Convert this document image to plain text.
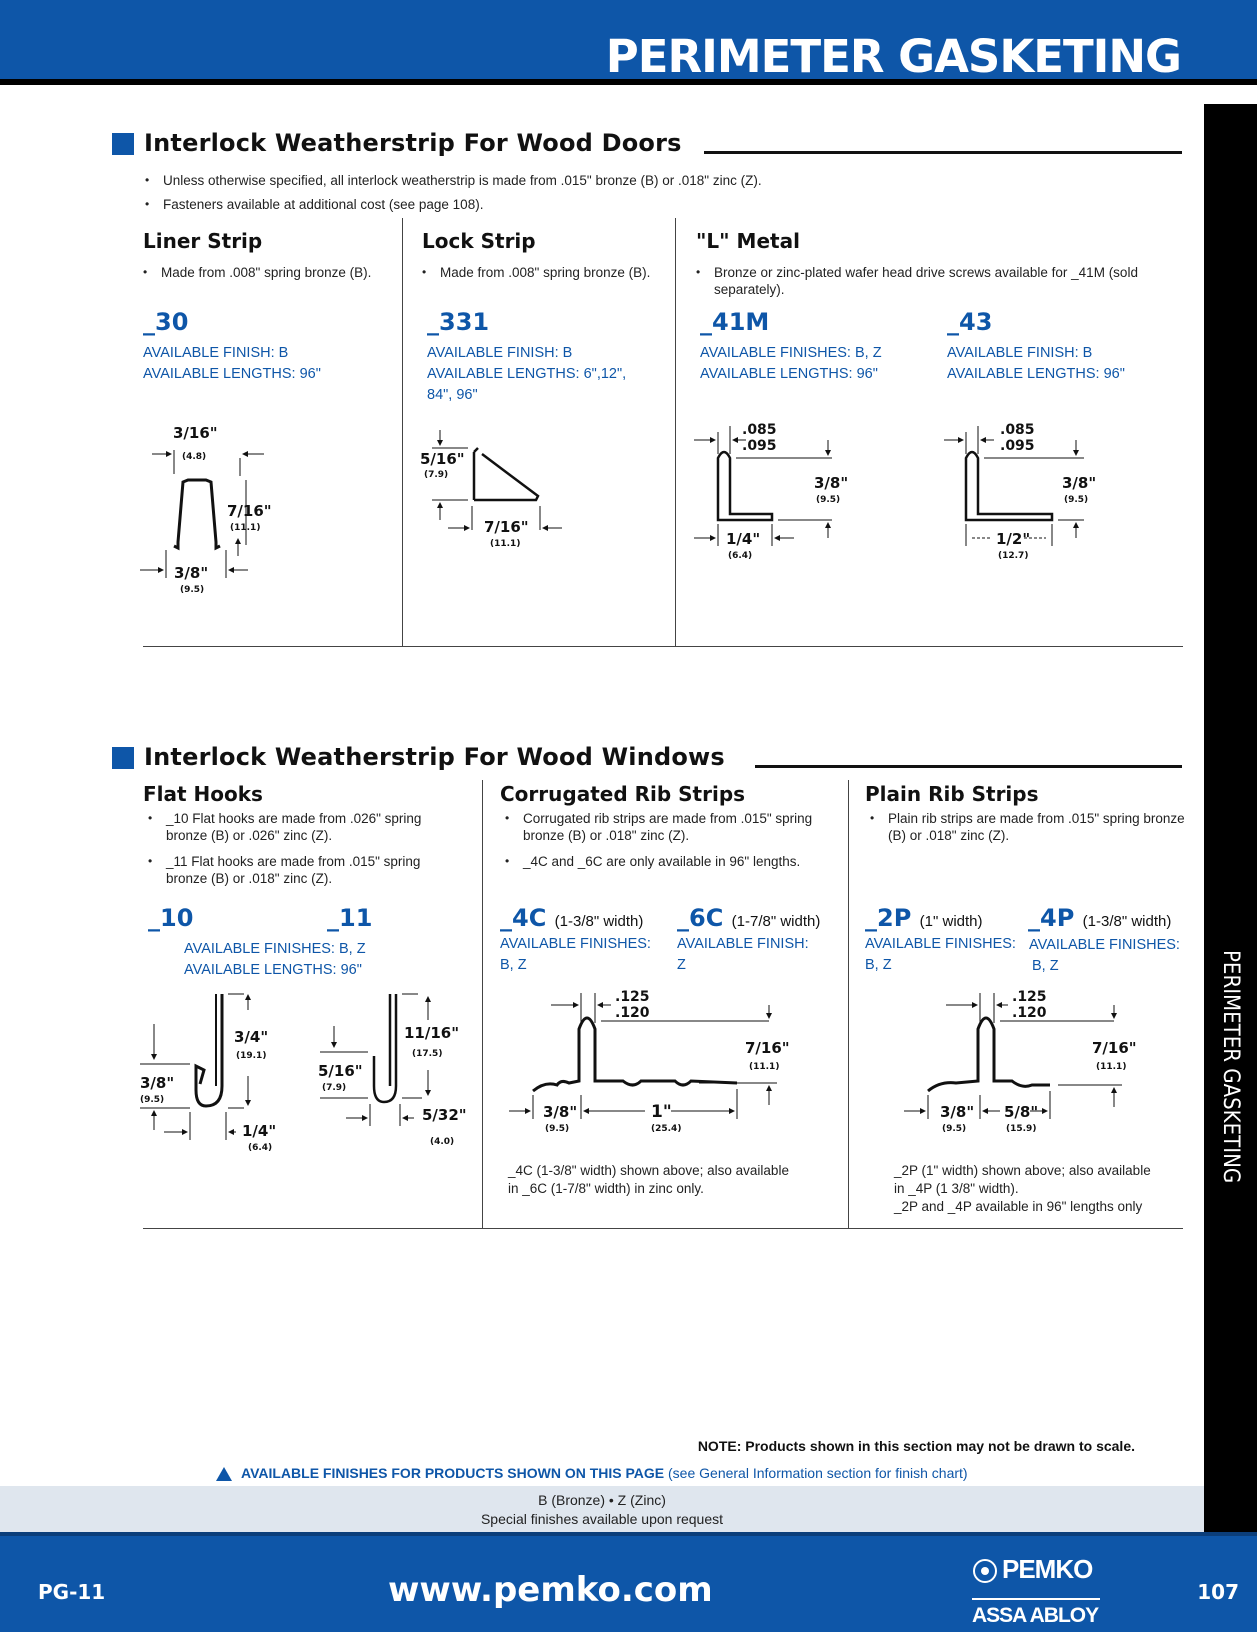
PERIMETER GASKETING
PERIMETER GASKETING
Interlock Weatherstrip For Wood Doors
• Unless otherwise specified, all interlock weatherstrip is made from .015" bronze (B) or .018" zinc (Z).
• Fasteners available at additional cost (see page 108).
Liner Strip
• Made from .008" spring bronze (B).
_30
AVAILABLE FINISH: B
AVAILABLE LENGTHS: 96"
3/16"
(4.8)
7/16"
(11.1)
3/8"
(9.5)
Lock Strip
• Made from .008" spring bronze (B).
_331
AVAILABLE FINISH: B
AVAILABLE LENGTHS: 6",12",
84", 96"
5/16"
(7.9)
7/16"
(11.1)
"L" Metal
• Bronze or zinc-plated wafer head drive screws available for _41M (sold separately).
_41M
AVAILABLE FINISHES: B, Z
AVAILABLE LENGTHS: 96"
_43
AVAILABLE FINISH: B
AVAILABLE LENGTHS: 96"
.085
.095
3/8"
(9.5)
1/4"
(6.4)
.085
.095
3/8"
(9.5)
1/2"
(12.7)
Interlock Weatherstrip For Wood Windows
Flat Hooks
• _10 Flat hooks are made from .026" spring bronze (B) or .026" zinc (Z).
• _11 Flat hooks are made from .015" spring bronze (B) or .018" zinc (Z).
_10	_11
AVAILABLE FINISHES: B, Z
AVAILABLE LENGTHS: 96"
3/4"
(19.1)
3/8"
(9.5)
1/4"
(6.4)
11/16"
(17.5)
5/16"
(7.9)
5/32"
(4.0)
Corrugated Rib Strips
• Corrugated rib strips are made from .015" spring bronze (B) or .018" zinc (Z).
• _4C and _6C are only available in 96" lengths.
_4C (1-3/8" width) _6C (1-7/8" width)
AVAILABLE FINISHES:
B, Z
AVAILABLE FINISH:
Z
.125
.120
7/16"
(11.1)
3/8"
(9.5)
1"
(25.4)
_4C (1-3/8" width) shown above; also available
in _6C (1-7/8" width) in zinc only.
Plain Rib Strips
• Plain rib strips are made from .015" spring bronze (B) or .018" zinc (Z).
_2P (1" width) _4P (1-3/8" width)
AVAILABLE FINISHES:
B, Z
AVAILABLE FINISHES:
B, Z
.125
.120
7/16"
(11.1)
3/8"
(9.5)
5/8"
(15.9)
_2P (1" width) shown above; also available
in _4P (1 3/8" width).
_2P and _4P available in 96" lengths only
NOTE: Products shown in this section may not be drawn to scale.
AVAILABLE FINISHES FOR PRODUCTS SHOWN ON THIS PAGE (see General Information section for finish chart)
B (Bronze) • Z (Zinc)
Special finishes available upon request
PG-11	www.pemko.com
PEMKO
ASSA ABLOY
107
